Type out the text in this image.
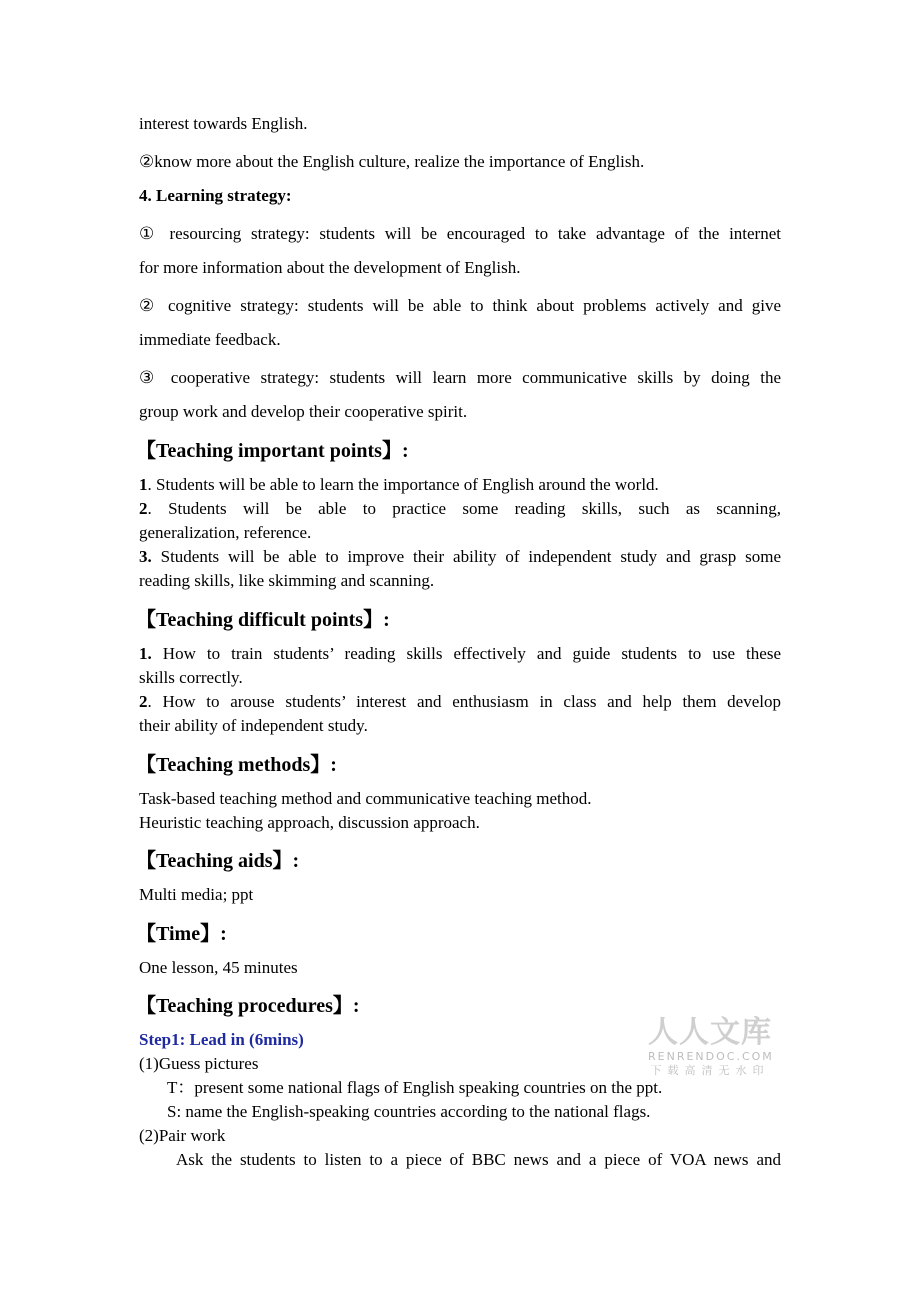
interest towards English.
②know more about the English culture, realize the importance of English.
4. Learning strategy:
① resourcing strategy: students will be encouraged to take advantage of the internet
for more information about the development of English.
② cognitive strategy: students will be able to think about problems actively and give
immediate feedback.
③ cooperative strategy: students will learn more communicative skills by doing the
group work and develop their cooperative spirit.
【Teaching important points】:
1. Students will be able to learn the importance of English around the world.
2. Students will be able to practice some reading skills, such as scanning,
generalization, reference.
3. Students will be able to improve their ability of independent study and grasp some
reading skills, like skimming and scanning.
【Teaching difficult points】:
1. How to train students’ reading skills effectively and guide students to use these
skills correctly.
2. How to arouse students’ interest and enthusiasm in class and help them develop
their ability of independent study.
【Teaching methods】:
Task-based teaching method and communicative teaching method.
Heuristic teaching approach, discussion approach.
【Teaching aids】:
Multi media; ppt
【Time】:
One lesson, 45 minutes
【Teaching procedures】:
Step1: Lead in (6mins)
(1)Guess pictures
T：present some national flags of English speaking countries on the ppt.
S: name the English-speaking countries according to the national flags.
(2)Pair work
Ask the students to listen to a piece of BBC news and a piece of VOA news and
人人文库
RENRENDOC.COM
下载高清无水印
